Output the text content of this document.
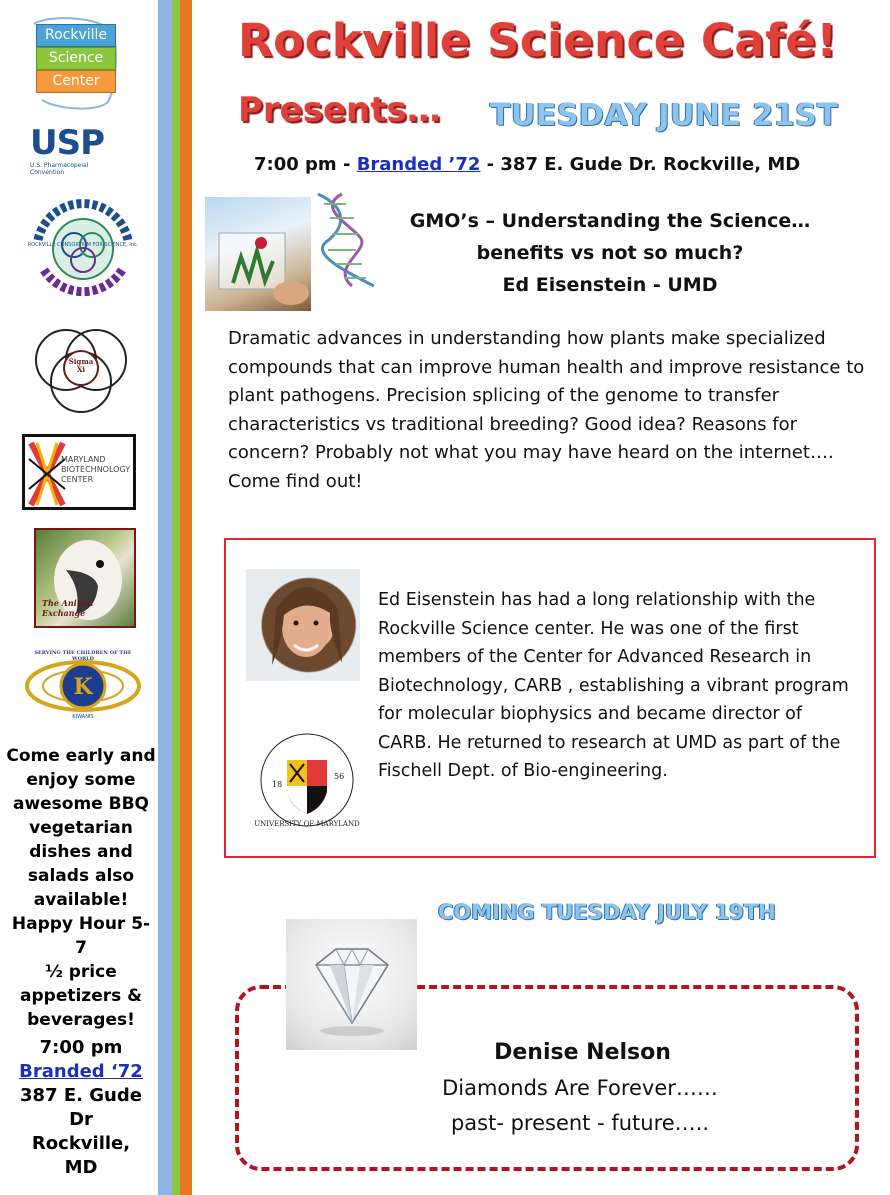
Rockville
Science
Center
USP
U.S. Pharmacopeial Convention
ROCKVILLE CONSORTIUM FOR SCIENCE, Inc.
Sigma Xi
MARYLAND
BIOTECHNOLOGY
CENTER
The Animal Exchange
K
SERVING THE CHILDREN OF THE WORLD
KIWANIS
Come early and
enjoy some
awesome BBQ
vegetarian
dishes and
salads also
available!
Happy Hour 5-7
½ price
appetizers &
beverages!
7:00 pm
Branded ‘72
387 E. Gude
Dr
Rockville,
MD
Rockville Science Café!
Presents… TUESDAY JUNE 21ST
7:00 pm - Branded ’72 - 387 E. Gude Dr. Rockville, MD
GMO’s – Understanding the Science…
benefits vs not so much?
Ed Eisenstein - UMD
Dramatic advances in understanding how plants make specialized compounds that can improve human health and improve resistance to plant pathogens. Precision splicing of the genome to transfer characteristics vs traditional breeding? Good idea? Reasons for concern? Probably not what you may have heard on the internet…. Come find out!
UNIVERSITY OF MARYLAND
18
56
Ed Eisenstein has had a long relationship with the Rockville Science center. He was one of the first members of the Center for Advanced Research in Biotechnology, CARB , establishing a vibrant program for molecular biophysics and became director of CARB. He returned to research at UMD as part of the Fischell Dept. of Bio-engineering.
COMING TUESDAY JULY 19TH
Denise Nelson
Diamonds Are Forever……
past- present - future…..
